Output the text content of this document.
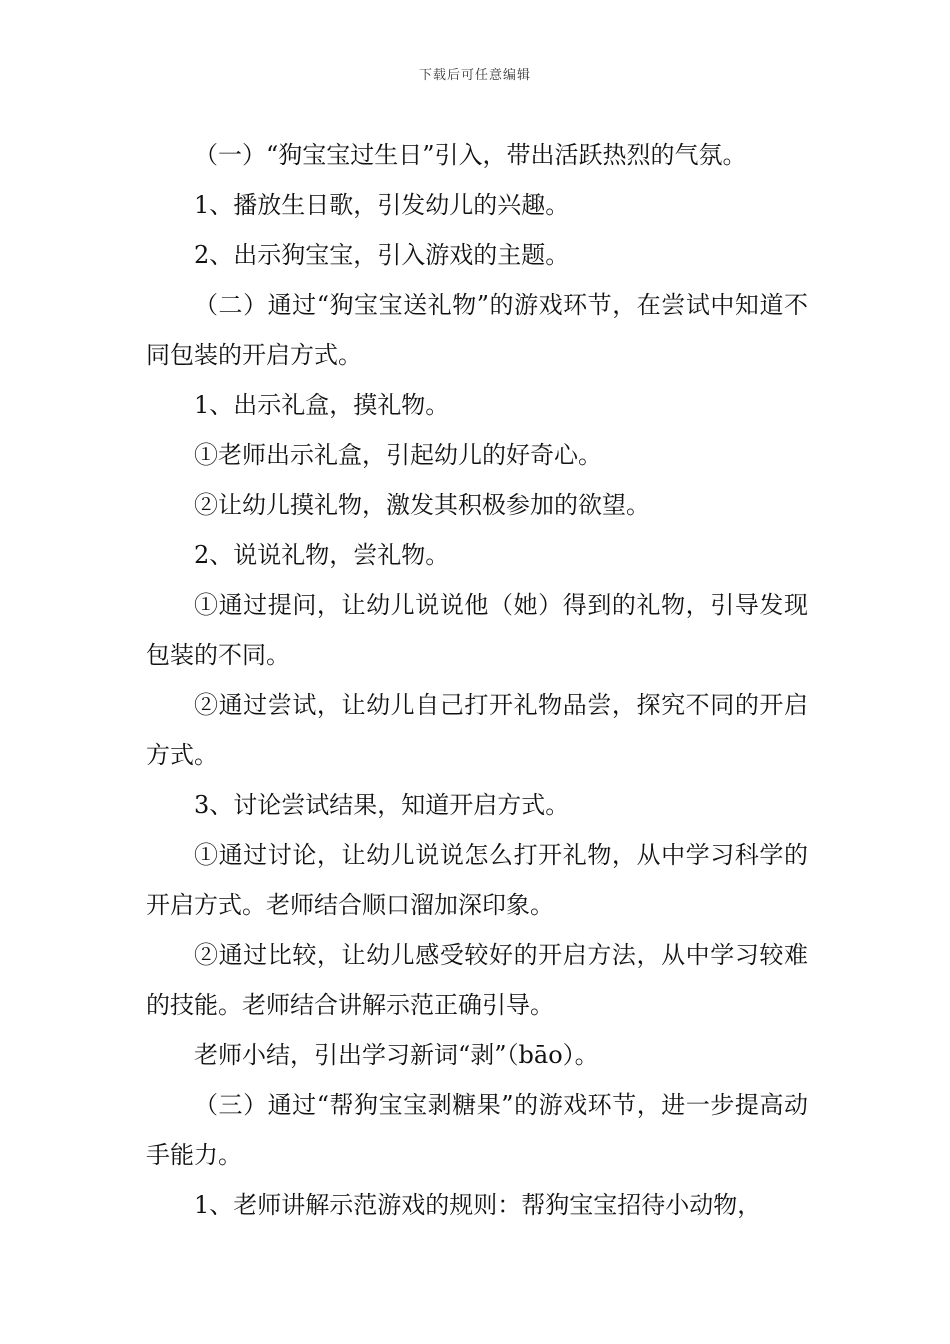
下载后可任意编辑

（一）“狗宝宝过生日”引入，带出活跃热烈的气氛。

1、播放生日歌，引发幼儿的兴趣。

2、出示狗宝宝，引入游戏的主题。

（二）通过“狗宝宝送礼物”的游戏环节，在尝试中知道不同包装的开启方式。

1、出示礼盒，摸礼物。

①老师出示礼盒，引起幼儿的好奇心。

②让幼儿摸礼物，激发其积极参加的欲望。

2、说说礼物，尝礼物。

①通过提问，让幼儿说说他（她）得到的礼物，引导发现包装的不同。

②通过尝试，让幼儿自己打开礼物品尝，探究不同的开启方式。

3、讨论尝试结果，知道开启方式。

①通过讨论，让幼儿说说怎么打开礼物，从中学习科学的开启方式。老师结合顺口溜加深印象。

②通过比较，让幼儿感受较好的开启方法，从中学习较难的技能。老师结合讲解示范正确引导。

老师小结，引出学习新词“剥”（bāo）。

（三）通过“帮狗宝宝剥糖果”的游戏环节，进一步提高动手能力。

1、老师讲解示范游戏的规则：帮狗宝宝招待小动物，
